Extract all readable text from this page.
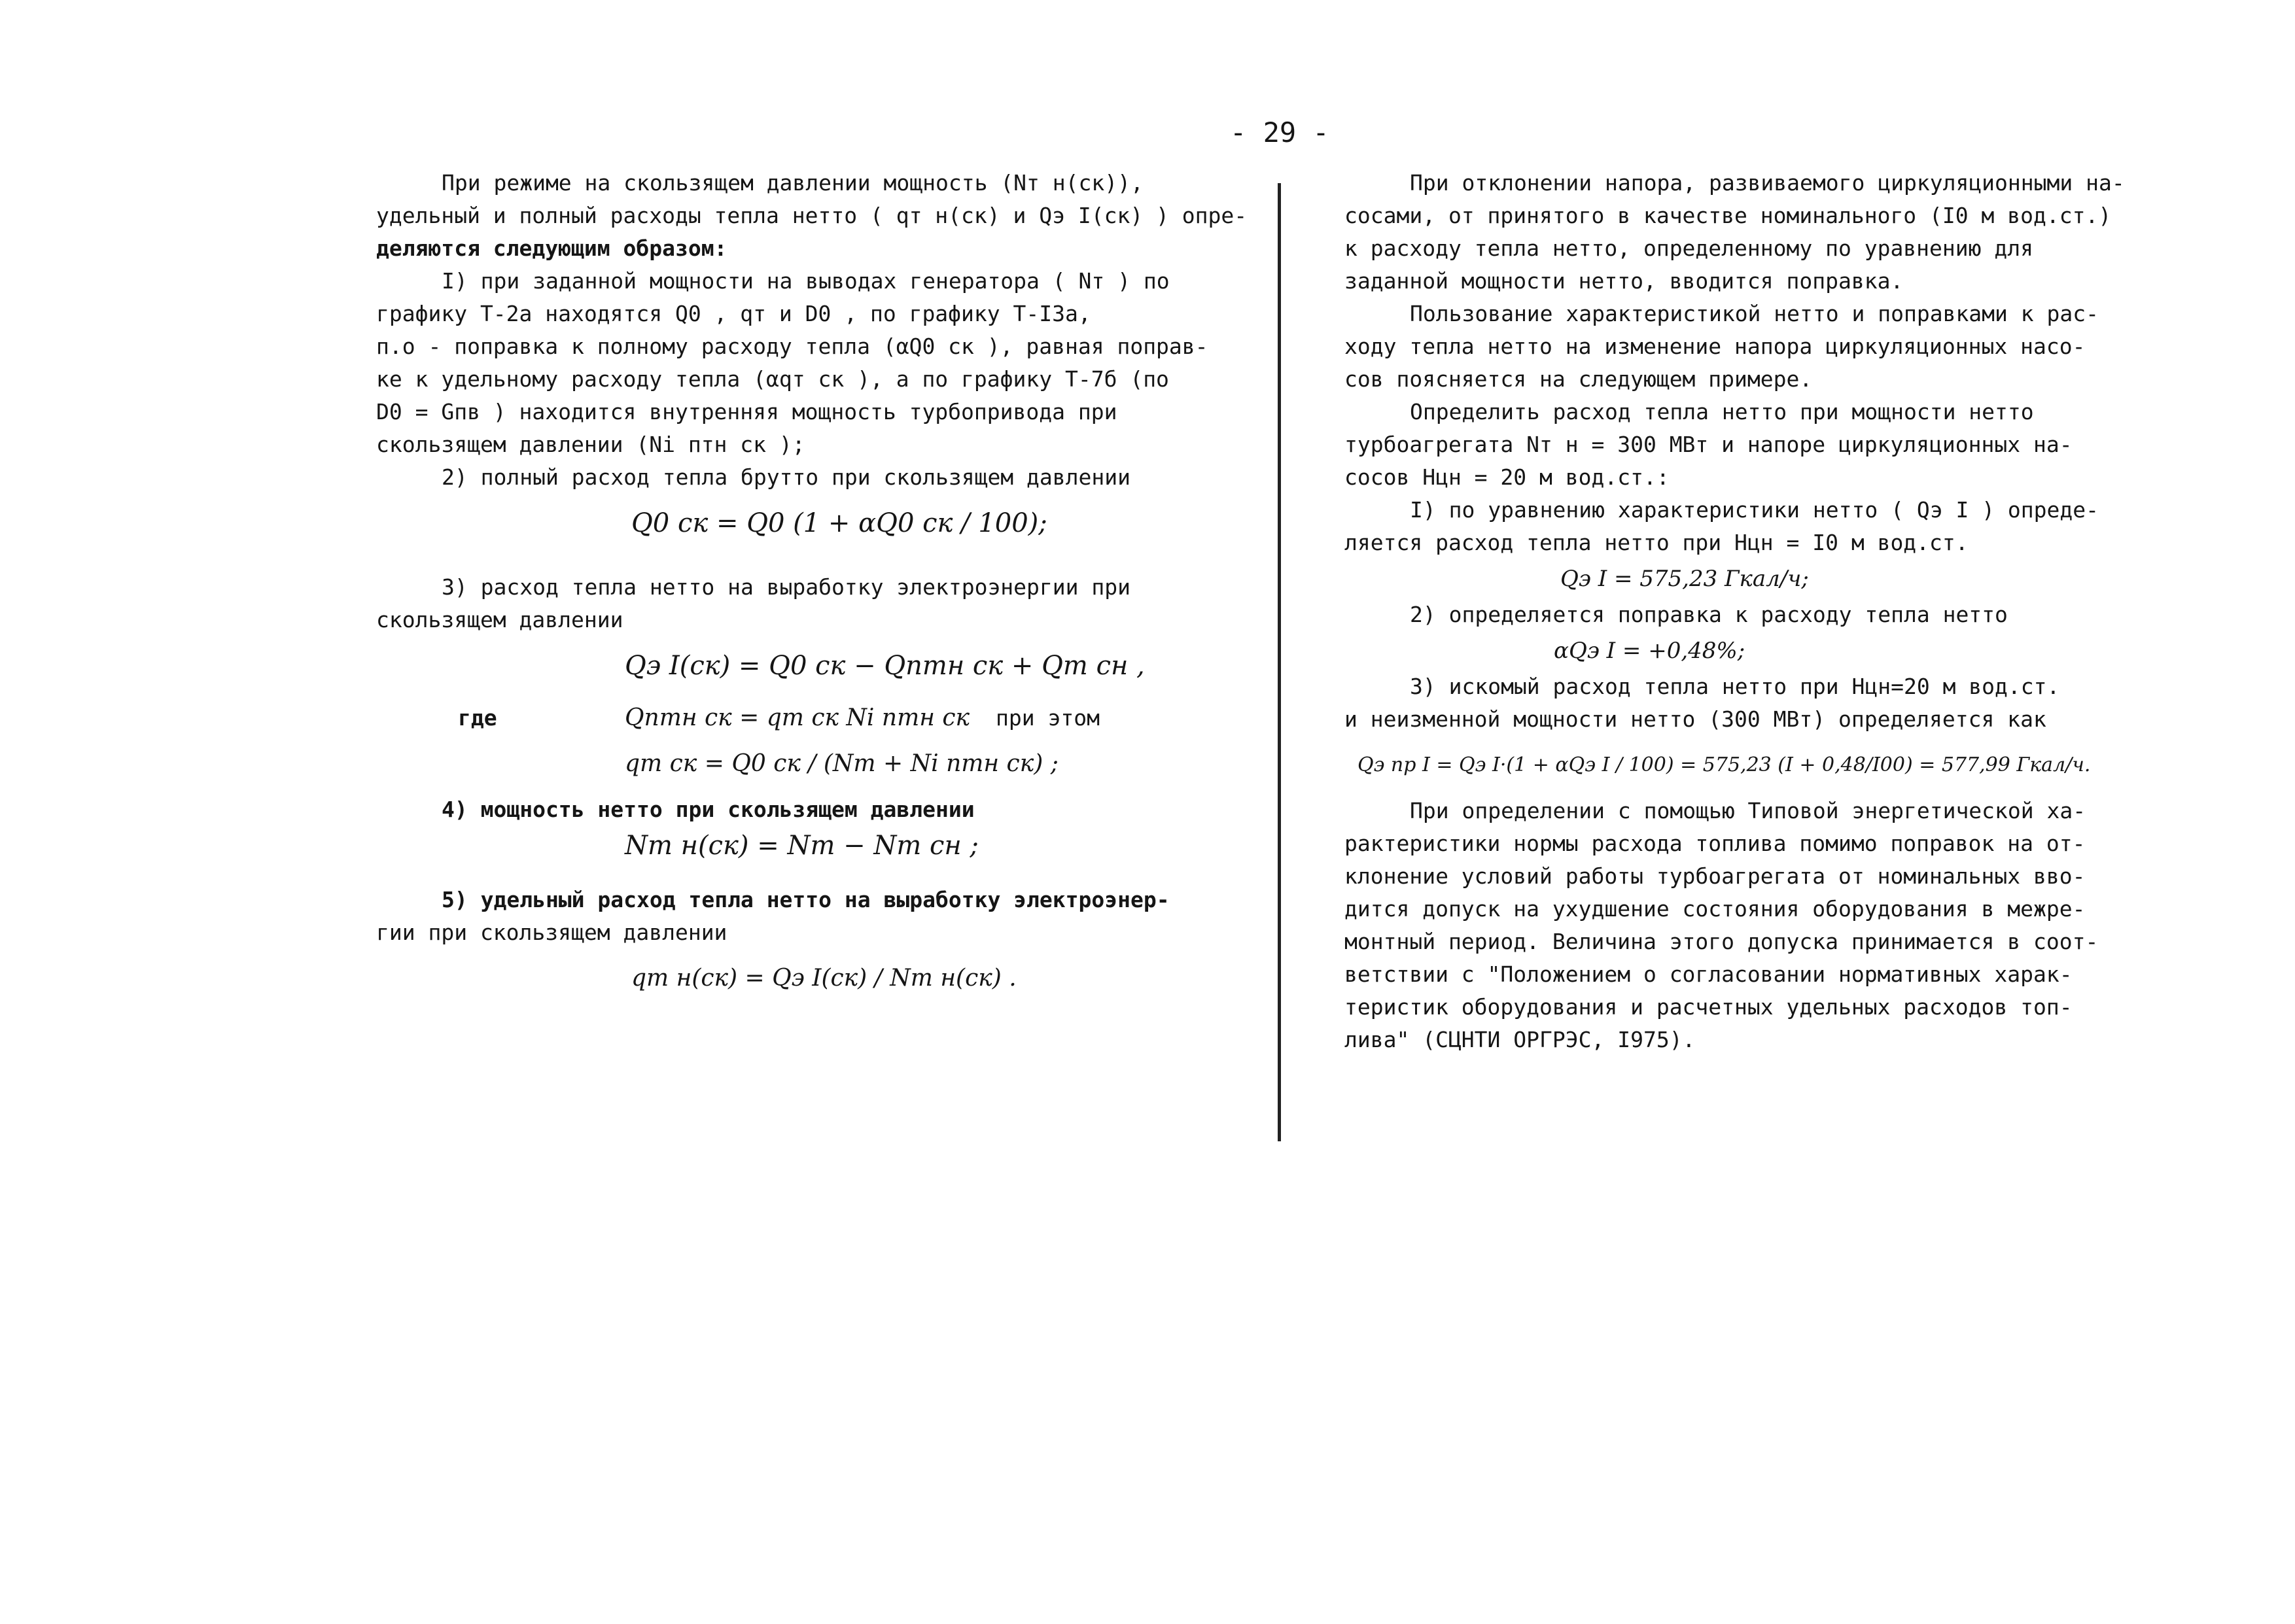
- 29 -
При режиме на скользящем давлении мощность (Nт н(ск)),
удельный и полный расходы тепла нетто ( qт н(ск) и Qэ I(ск) ) опре-
деляются следующим образом:
I) при заданной мощности на выводах генератора ( Nт ) по
графику Т-2а находятся Q0 , qт и D0 , по графику Т-I3а,
п.о - поправка к полному расходу тепла (αQ0 ск ), равная поправ-
ке к удельному расходу тепла (αqт ск ), а по графику Т-7б (по
D0 = Gпв ) находится внутренняя мощность турбопривода при
скользящем давлении (Ni птн ск );
2) полный расход тепла брутто при скользящем давлении
Q0 ск = Q0 (1 + αQ0 ск / 100);
3) расход тепла нетто на выработку электроэнергии при
скользящем давлении
Qэ I(ск) = Q0 ск − Qптн ск + Qт сн ,
где	Qптн ск = qт ск Ni птн ск при этом
qт ск = Q0 ск / (Nт + Ni птн ск) ;
4) мощность нетто при скользящем давлении
Nт н(ск) = Nт − Nт сн ;
5) удельный расход тепла нетто на выработку электроэнер-
гии при скользящем давлении
qт н(ск) = Qэ I(ск) / Nт н(ск) .
При отклонении напора, развиваемого циркуляционными на-
сосами, от принятого в качестве номинального (I0 м вод.ст.)
к расходу тепла нетто, определенному по уравнению для
заданной мощности нетто, вводится поправка.
Пользование характеристикой нетто и поправками к рас-
ходу тепла нетто на изменение напора циркуляционных насо-
сов поясняется на следующем примере.
Определить расход тепла нетто при мощности нетто
турбоагрегата Nт н = 300 МВт и напоре циркуляционных на-
сосов Hцн = 20 м вод.ст.:
I) по уравнению характеристики нетто ( Qэ I ) опреде-
ляется расход тепла нетто при Hцн = I0 м вод.ст.
Qэ I = 575,23 Гкал/ч;
2) определяется поправка к расходу тепла нетто
αQэ I = +0,48%;
3) искомый расход тепла нетто при Hцн=20 м вод.ст.
и неизменной мощности нетто (300 МВт) определяется как
Qэ пр I = Qэ I·(1 + αQэ I / 100) = 575,23 (I + 0,48/I00) = 577,99 Гкал/ч.
При определении с помощью Типовой энергетической ха-
рактеристики нормы расхода топлива помимо поправок на от-
клонение условий работы турбоагрегата от номинальных вво-
дится допуск на ухудшение состояния оборудования в межре-
монтный период. Величина этого допуска принимается в соот-
ветствии с "Положением о согласовании нормативных харак-
теристик оборудования и расчетных удельных расходов топ-
лива" (СЦНТИ ОРГРЭС, I975).
